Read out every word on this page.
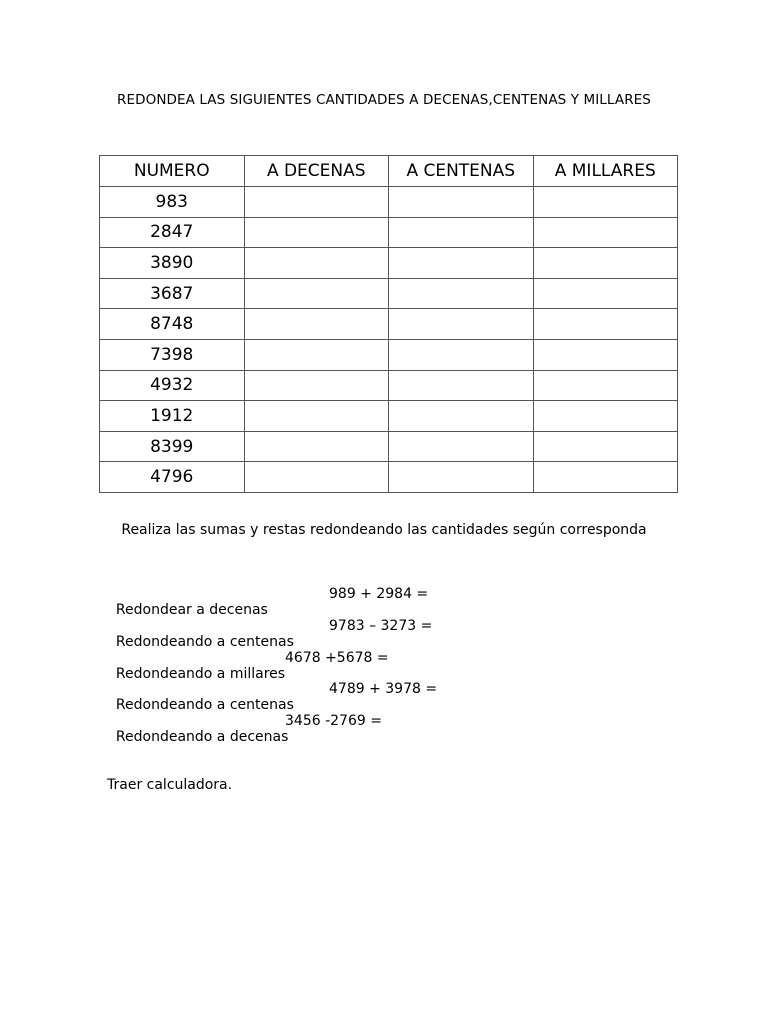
REDONDEA LAS SIGUIENTES CANTIDADES A DECENAS,CENTENAS Y MILLARES
NUMERO	A DECENAS	A CENTENAS	A MILLARES
983			
2847			
3890			
3687			
8748			
7398			
4932			
1912			
8399			
4796			
Realiza las sumas y restas redondeando las cantidades según corresponda

Redondear a decenas

989 + 2984 =

Redondeando a centenas

9783 – 3273 =

Redondeando a millares

4678 +5678 =

Redondeando a centenas

4789 + 3978 =

Redondeando a decenas

3456 -2769 =

Traer calculadora.
